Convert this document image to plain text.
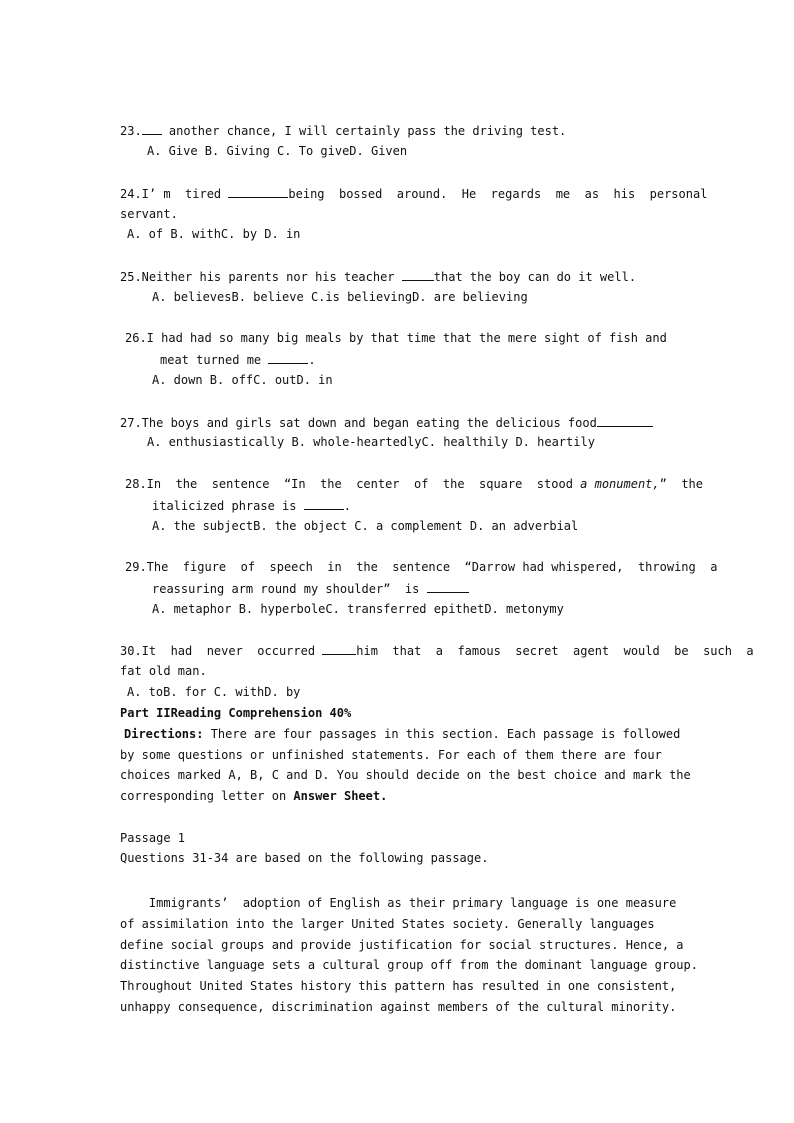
23. another chance, I will certainly pass the driving test.
A. Give B. Giving C. To giveD. Given
24.I’ m  tired	being  bossed  around.  He  regards  me  as  his  personal
servant.
A. of B. withC. by D. in
25.Neither his parents nor his teacher	that the boy can do it well.
A. believesB. believe C.is believingD. are believing
26.I had had so many big meals by that time that the mere sight of fish and
meat turned me	.
A. down B. offC. outD. in
27.The boys and girls sat down and began eating the delicious food
A. enthusiastically B. whole-heartedlyC. healthily D. heartily
28.In  the  sentence  “In  the  center  of  the  square  stood a monument,”  the
italicized phrase is	.
A. the subjectB. the object C. a complement D. an adverbial
29.The  figure  of  speech  in  the  sentence  “Darrow had whispered,  throwing  a
reassuring arm round my shoulder”  is
A. metaphor B. hyperboleC. transferred epithetD. metonymy
30.It  had  never  occurred	him  that  a  famous  secret  agent  would  be  such  a
fat old man.
A. toB. for C. withD. by
Part IIReading Comprehension 40%
Directions: There are four passages in this section. Each passage is followed
by some questions or unfinished statements. For each of them there are four
choices marked A, B, C and D. You should decide on the best choice and mark the
corresponding letter on Answer Sheet.
Passage 1
Questions 31-34 are based on the following passage.
Immigrants’  adoption of English as their primary language is one measure
of assimilation into the larger United States society. Generally languages
define social groups and provide justification for social structures. Hence, a
distinctive language sets a cultural group off from the dominant language group.
Throughout United States history this pattern has resulted in one consistent,
unhappy consequence, discrimination against members of the cultural minority.
